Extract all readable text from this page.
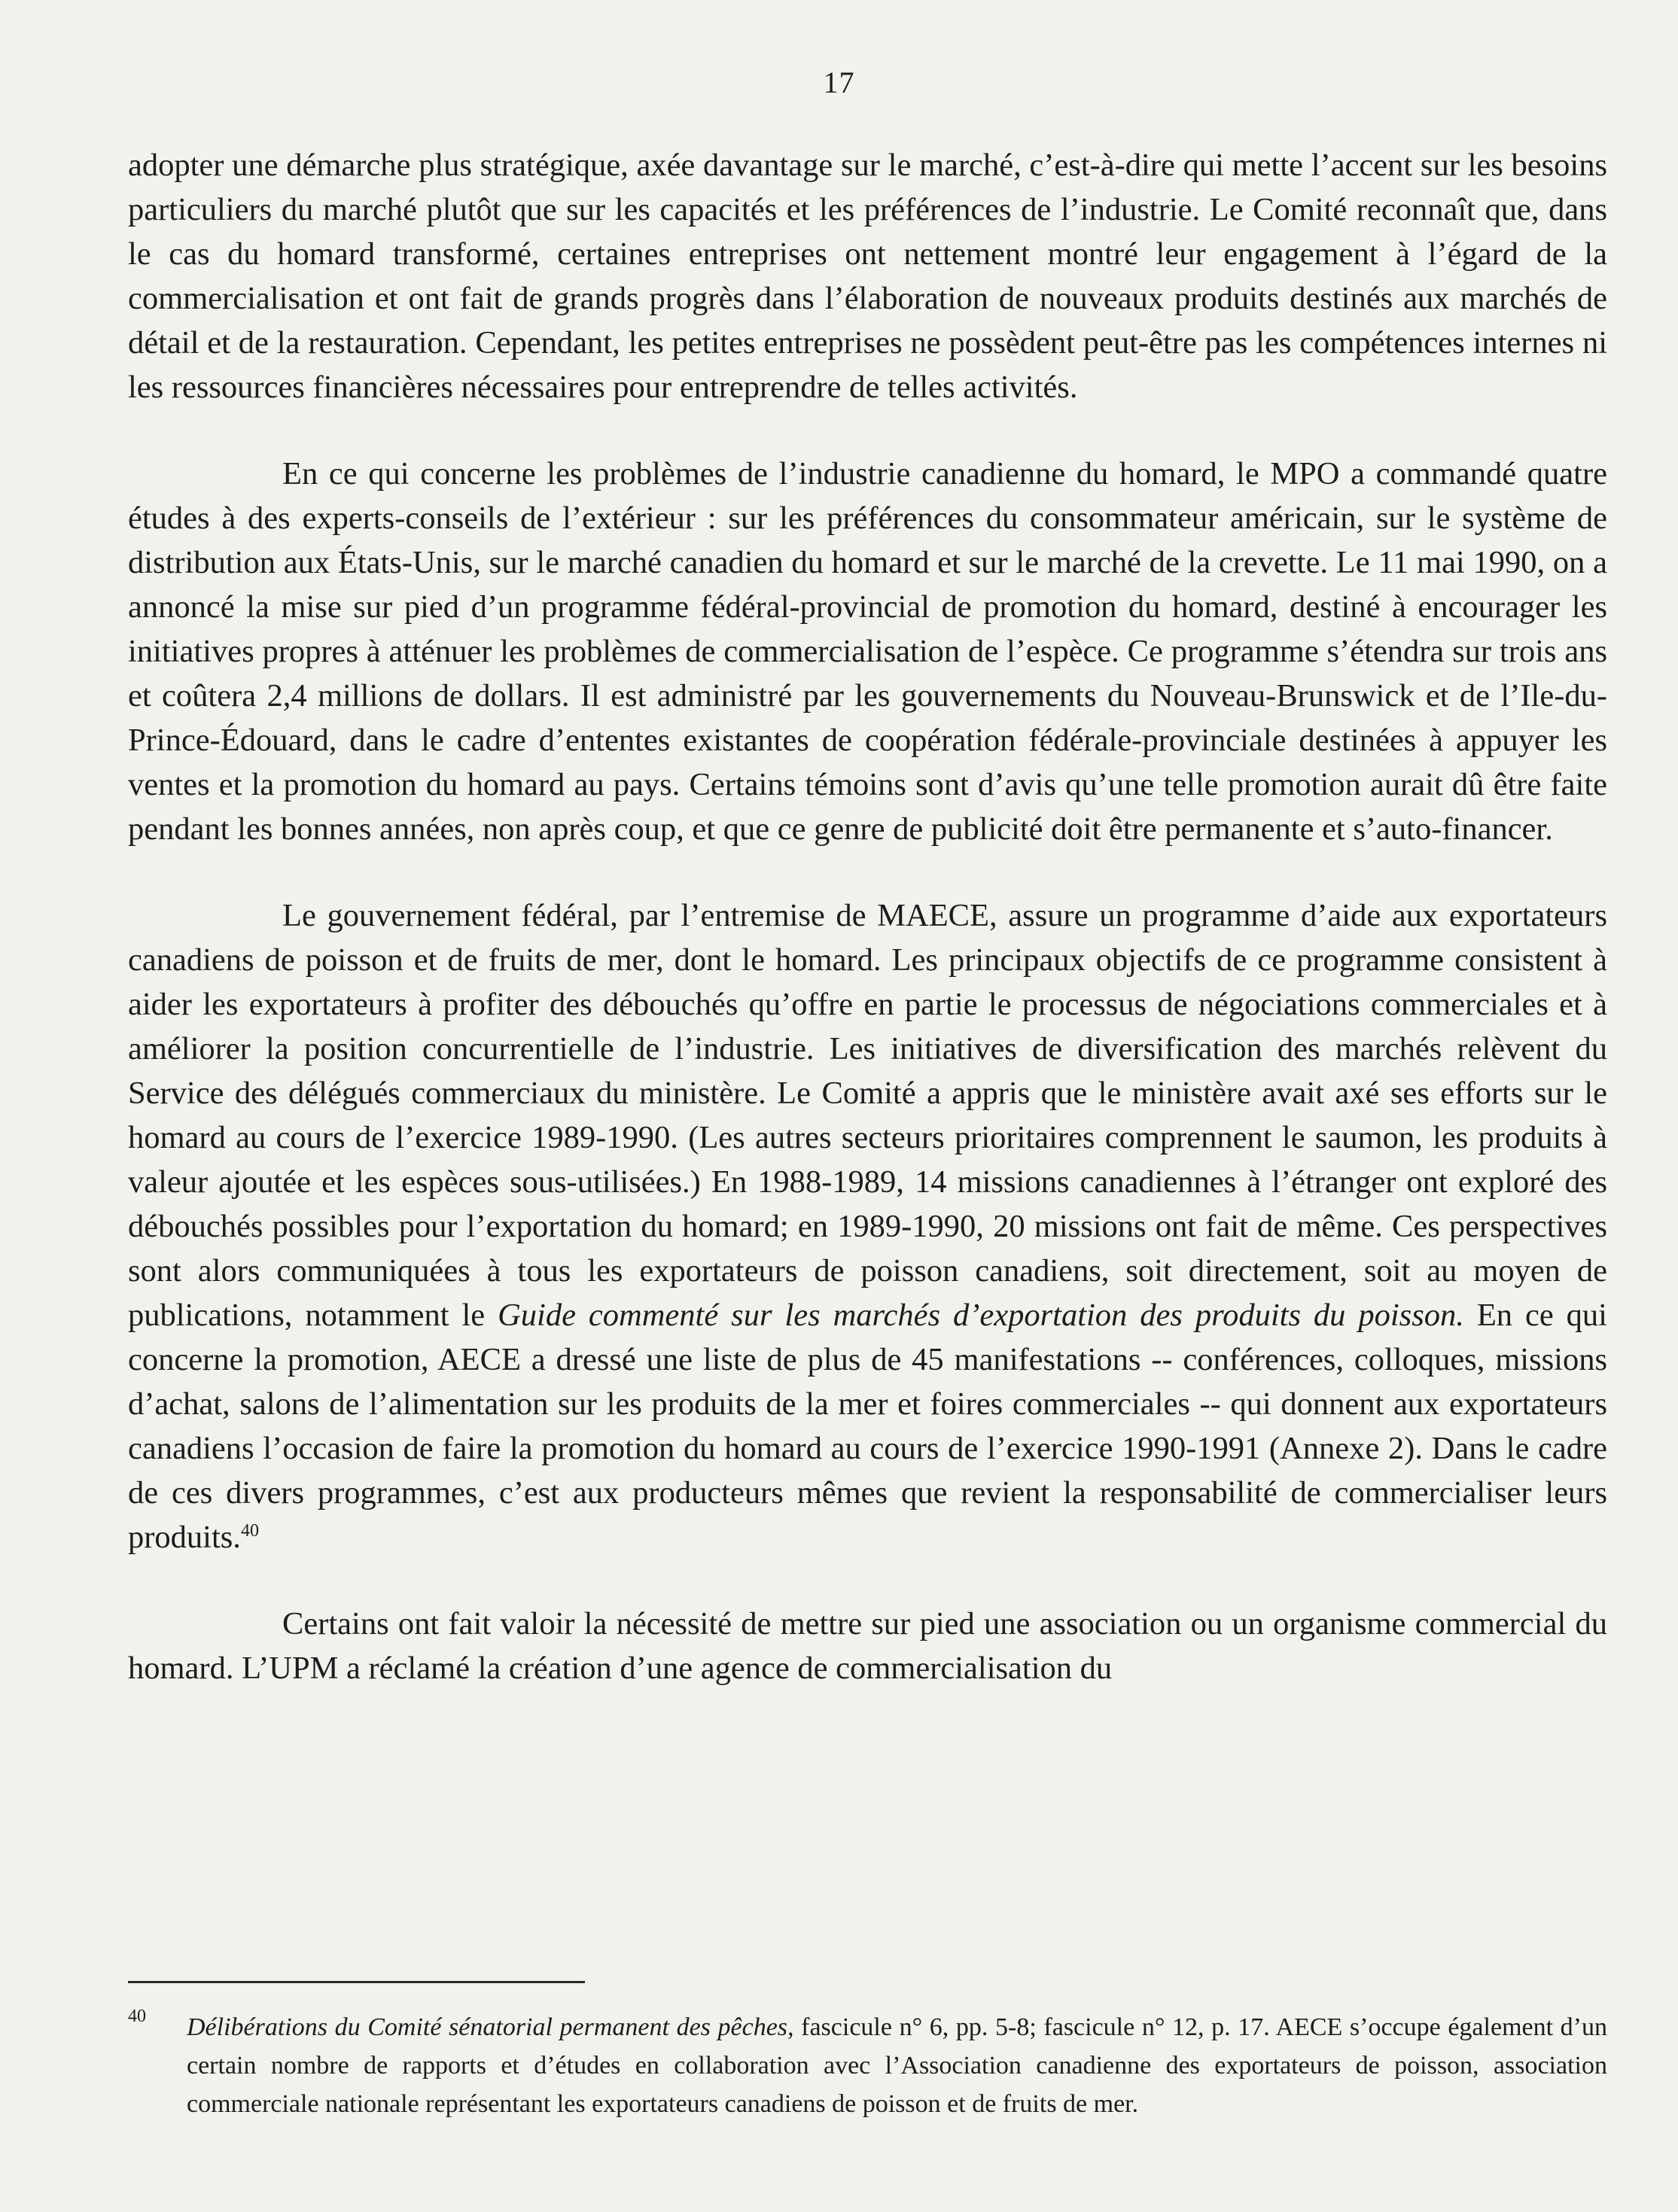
17

adopter une démarche plus stratégique, axée davantage sur le marché, c’est-à-dire qui mette l’accent sur les besoins particuliers du marché plutôt que sur les capacités et les préférences de l’industrie. Le Comité reconnaît que, dans le cas du homard transformé, certaines entreprises ont nettement montré leur engagement à l’égard de la commercialisation et ont fait de grands progrès dans l’élaboration de nouveaux produits destinés aux marchés de détail et de la restauration. Cependant, les petites entreprises ne possèdent peut-être pas les compétences internes ni les ressources financières nécessaires pour entreprendre de telles activités.

En ce qui concerne les problèmes de l’industrie canadienne du homard, le MPO a commandé quatre études à des experts-conseils de l’extérieur : sur les préférences du consommateur américain, sur le système de distribution aux États-Unis, sur le marché canadien du homard et sur le marché de la crevette. Le 11 mai 1990, on a annoncé la mise sur pied d’un programme fédéral-provincial de promotion du homard, destiné à encourager les initiatives propres à atténuer les problèmes de commercialisation de l’espèce. Ce programme s’étendra sur trois ans et coûtera 2,4 millions de dollars. Il est administré par les gouvernements du Nouveau-Brunswick et de l’Ile-du-Prince-Édouard, dans le cadre d’ententes existantes de coopération fédérale-provinciale destinées à appuyer les ventes et la promotion du homard au pays. Certains témoins sont d’avis qu’une telle promotion aurait dû être faite pendant les bonnes années, non après coup, et que ce genre de publicité doit être permanente et s’auto-financer.

Le gouvernement fédéral, par l’entremise de MAECE, assure un programme d’aide aux exportateurs canadiens de poisson et de fruits de mer, dont le homard. Les principaux objectifs de ce programme consistent à aider les exportateurs à profiter des débouchés qu’offre en partie le processus de négociations commerciales et à améliorer la position concurrentielle de l’industrie. Les initiatives de diversification des marchés relèvent du Service des délégués commerciaux du ministère. Le Comité a appris que le ministère avait axé ses efforts sur le homard au cours de l’exercice 1989-1990. (Les autres secteurs prioritaires comprennent le saumon, les produits à valeur ajoutée et les espèces sous-utilisées.) En 1988-1989, 14 missions canadiennes à l’étranger ont exploré des débouchés possibles pour l’exportation du homard; en 1989-1990, 20 missions ont fait de même. Ces perspectives sont alors communiquées à tous les exportateurs de poisson canadiens, soit directement, soit au moyen de publications, notamment le Guide commenté sur les marchés d’exportation des produits du poisson. En ce qui concerne la promotion, AECE a dressé une liste de plus de 45 manifestations -- conférences, colloques, missions d’achat, salons de l’alimentation sur les produits de la mer et foires commerciales -- qui donnent aux exportateurs canadiens l’occasion de faire la promotion du homard au cours de l’exercice 1990-1991 (Annexe 2). Dans le cadre de ces divers programmes, c’est aux producteurs mêmes que revient la responsabilité de commercialiser leurs produits.$^{40}$

Certains ont fait valoir la nécessité de mettre sur pied une association ou un organisme commercial du homard. L’UPM a réclamé la création d’une agence de commercialisation du

40	Délibérations du Comité sénatorial permanent des pêches, fascicule n° 6, pp. 5-8; fascicule n° 12, p. 17. AECE s’occupe également d’un certain nombre de rapports et d’études en collaboration avec l’Association canadienne des exportateurs de poisson, association commerciale nationale représentant les exportateurs canadiens de poisson et de fruits de mer.
